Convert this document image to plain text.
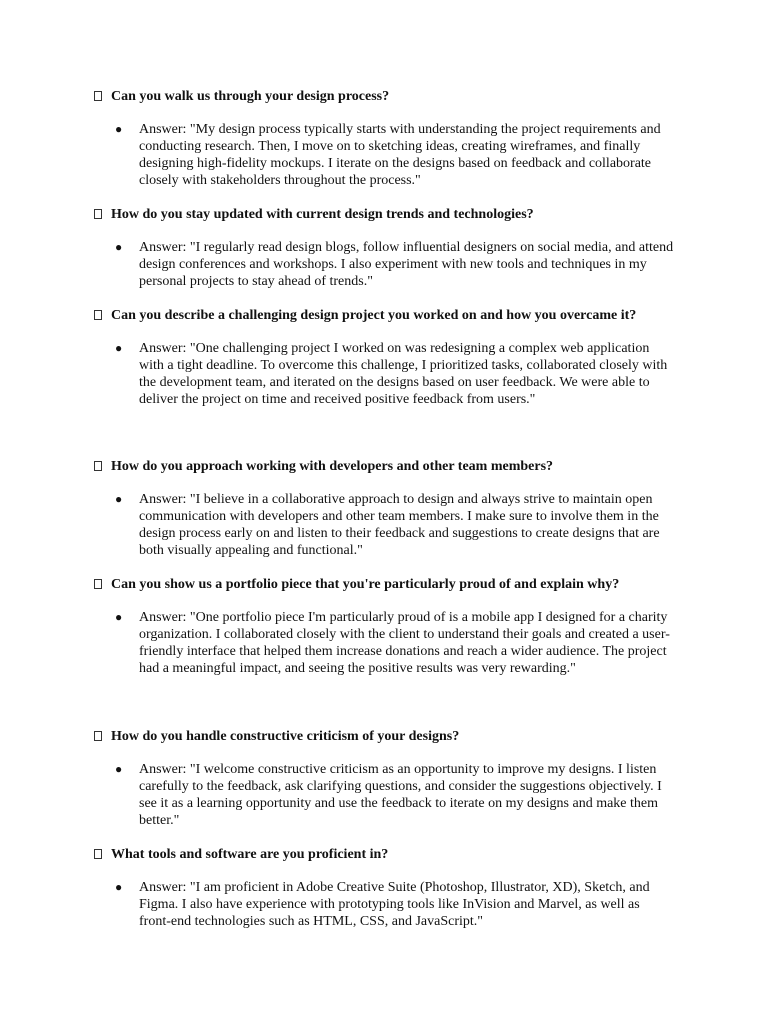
Can you walk us through your design process?

● Answer: "My design process typically starts with understanding the project requirements and conducting research. Then, I move on to sketching ideas, creating wireframes, and finally designing high-fidelity mockups. I iterate on the designs based on feedback and collaborate closely with stakeholders throughout the process."

How do you stay updated with current design trends and technologies?

● Answer: "I regularly read design blogs, follow influential designers on social media, and attend design conferences and workshops. I also experiment with new tools and techniques in my personal projects to stay ahead of trends."

Can you describe a challenging design project you worked on and how you overcame it?

● Answer: "One challenging project I worked on was redesigning a complex web application with a tight deadline. To overcome this challenge, I prioritized tasks, collaborated closely with the development team, and iterated on the designs based on user feedback. We were able to deliver the project on time and received positive feedback from users."

How do you approach working with developers and other team members?

● Answer: "I believe in a collaborative approach to design and always strive to maintain open communication with developers and other team members. I make sure to involve them in the design process early on and listen to their feedback and suggestions to create designs that are both visually appealing and functional."

Can you show us a portfolio piece that you're particularly proud of and explain why?

● Answer: "One portfolio piece I'm particularly proud of is a mobile app I designed for a charity organization. I collaborated closely with the client to understand their goals and created a user-friendly interface that helped them increase donations and reach a wider audience. The project had a meaningful impact, and seeing the positive results was very rewarding."

How do you handle constructive criticism of your designs?

● Answer: "I welcome constructive criticism as an opportunity to improve my designs. I listen carefully to the feedback, ask clarifying questions, and consider the suggestions objectively. I see it as a learning opportunity and use the feedback to iterate on my designs and make them better."

What tools and software are you proficient in?

● Answer: "I am proficient in Adobe Creative Suite (Photoshop, Illustrator, XD), Sketch, and Figma. I also have experience with prototyping tools like InVision and Marvel, as well as front-end technologies such as HTML, CSS, and JavaScript."
